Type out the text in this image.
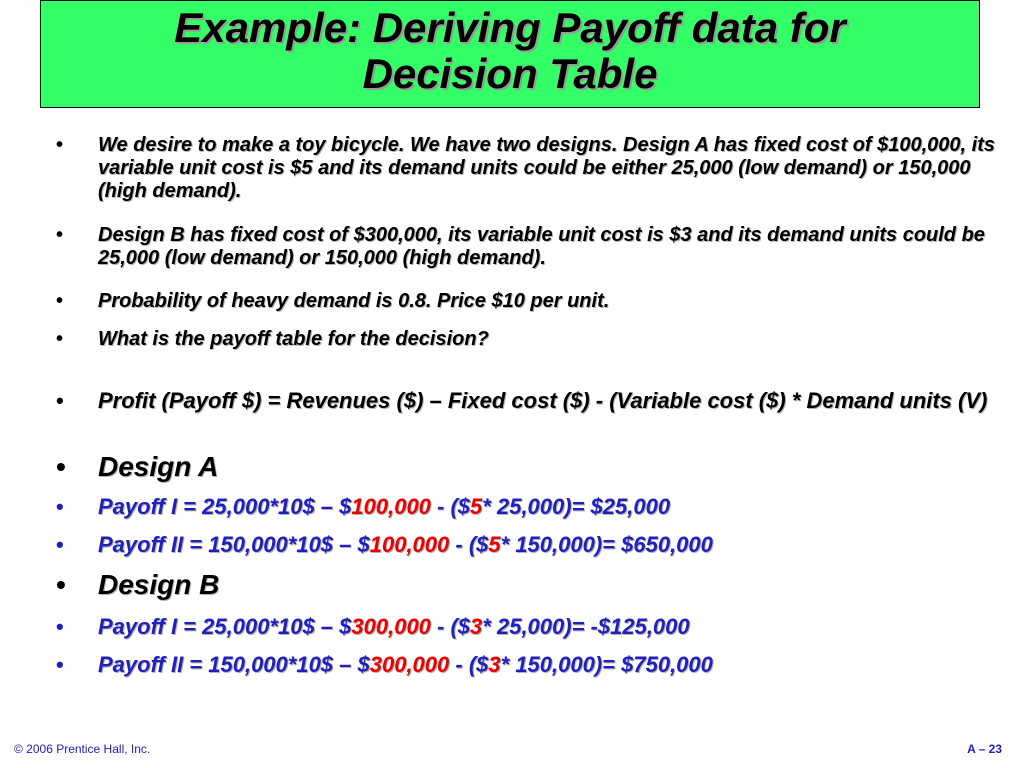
Example: Deriving Payoff data for
Decision Table
• We desire to make a toy bicycle. We have two designs. Design A has fixed cost of $100,000, its variable unit cost is $5 and its demand units could be either 25,000 (low demand) or 150,000 (high demand).
• Design B has fixed cost of $300,000, its variable unit cost is $3 and its demand units could be 25,000 (low demand) or 150,000 (high demand).
• Probability of heavy demand is 0.8. Price $10 per unit.
• What is the payoff table for the decision?
• Profit (Payoff $) = Revenues ($) – Fixed cost ($) - (Variable cost ($) * Demand units (V)
• Design A
• Payoff I = 25,000*10$ – $100,000 - ($5* 25,000)= $25,000
• Payoff II = 150,000*10$ – $100,000 - ($5* 150,000)= $650,000
• Design B
• Payoff I = 25,000*10$ – $300,000 - ($3* 25,000)= -$125,000
• Payoff II = 150,000*10$ – $300,000 - ($3* 150,000)= $750,000
© 2006 Prentice Hall, Inc.	A – 23
